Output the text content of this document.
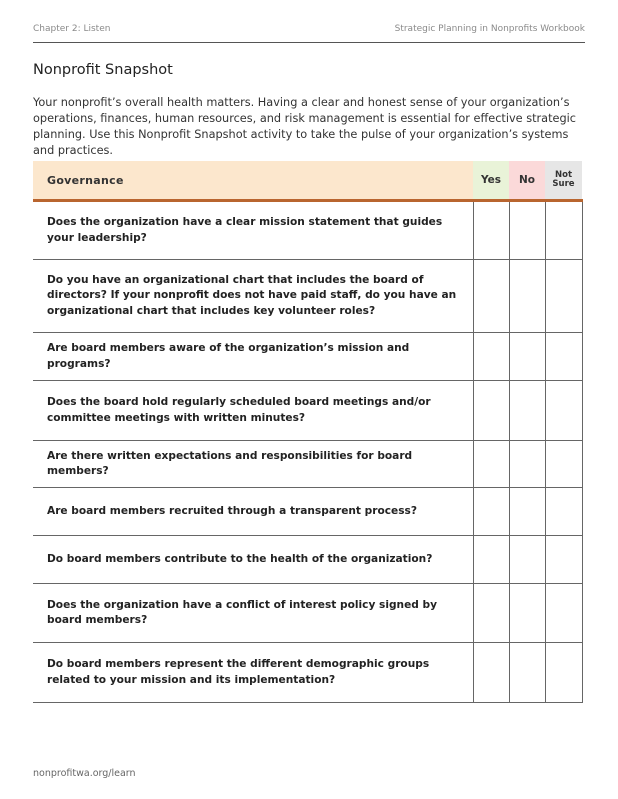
Chapter 2: Listen	Strategic Planning in Nonprofits Workbook
Nonprofit Snapshot

Your nonprofit’s overall health matters. Having a clear and honest sense of your organization’s operations, finances, human resources, and risk management is essential for effective strategic planning. Use this Nonprofit Snapshot activity to take the pulse of your organization’s systems and practices.

Governance	Yes	No	Not
Sure
Does the organization have a clear mission statement that guides your leadership?			
Do you have an organizational chart that includes the board of directors? If your nonprofit does not have paid staff, do you have an organizational chart that includes key volunteer roles?			
Are board members aware of the organization’s mission and programs?			
Does the board hold regularly scheduled board meetings and/or committee meetings with written minutes?			
Are there written expectations and responsibilities for board members?			
Are board members recruited through a transparent process?			
Do board members contribute to the health of the organization?			
Does the organization have a conflict of interest policy signed by board members?			
Do board members represent the different demographic groups related to your mission and its implementation?			
nonprofitwa.org/learn
